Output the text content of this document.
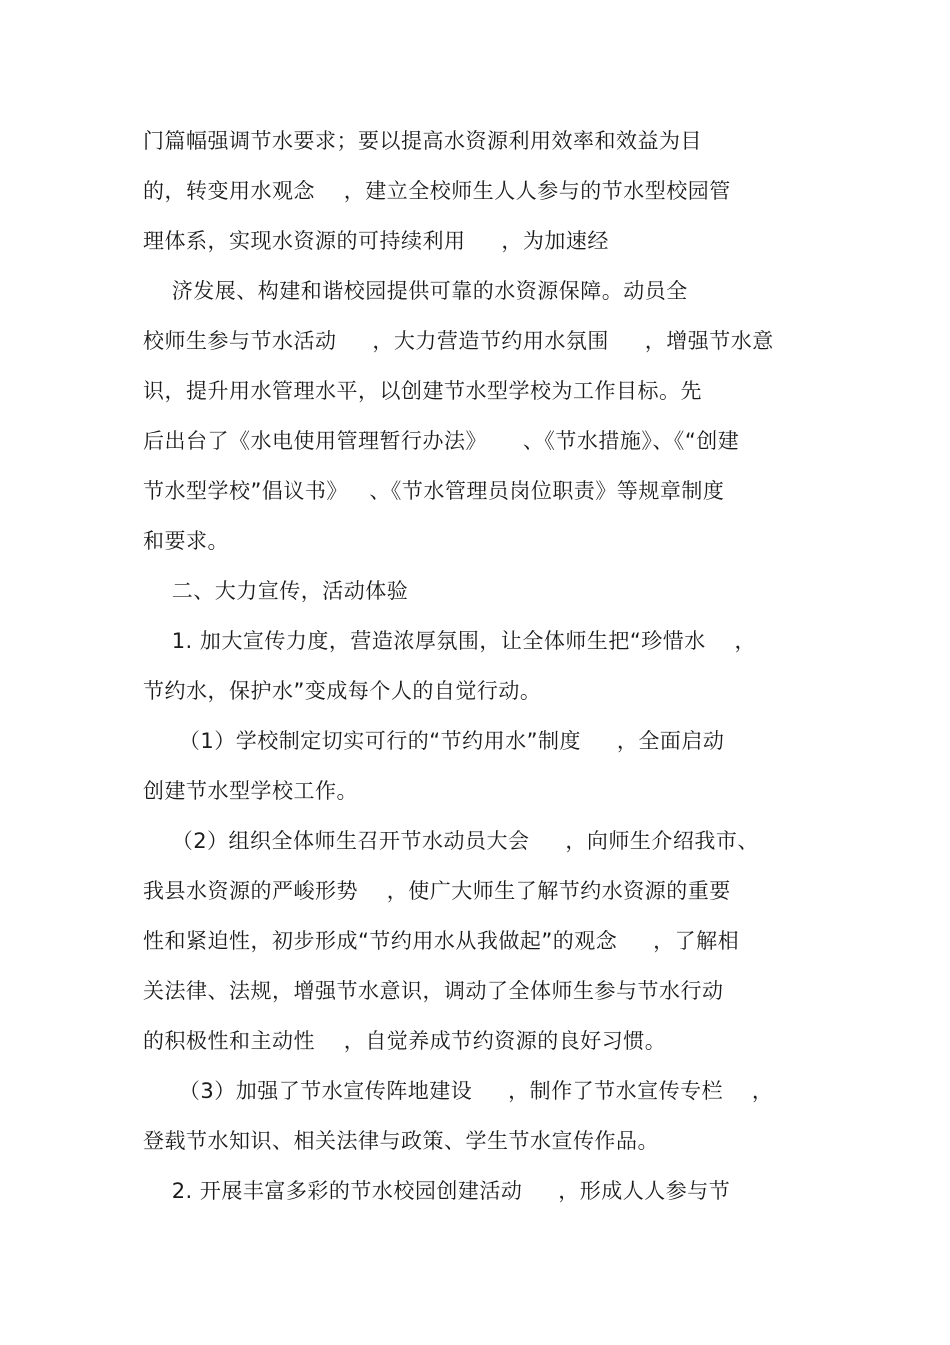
门篇幅强调节水要求；要以提高水资源利用效率和效益为目
的，转变用水观念    ，建立全校师生人人参与的节水型校园管
理体系，实现水资源的可持续利用     ，为加速经
济发展、构建和谐校园提供可靠的水资源保障。动员全
校师生参与节水活动     ，大力营造节约用水氛围     ，增强节水意
识，提升用水管理水平，以创建节水型学校为工作目标。先
后出台了《水电使用管理暂行办法》     、《节水措施》、《“创建
节水型学校”倡议书》   、《节水管理员岗位职责》等规章制度
和要求。
二、大力宣传，活动体验
1. 加大宣传力度，营造浓厚氛围，让全体师生把“珍惜水    ，
节约水，保护水”变成每个人的自觉行动。
（1）学校制定切实可行的“节约用水”制度     ，全面启动
创建节水型学校工作。
（2）组织全体师生召开节水动员大会     ，向师生介绍我市、
我县水资源的严峻形势    ，使广大师生了解节约水资源的重要
性和紧迫性，初步形成“节约用水从我做起”的观念     ，了解相
关法律、法规，增强节水意识，调动了全体师生参与节水行动
的积极性和主动性    ，自觉养成节约资源的良好习惯。
（3）加强了节水宣传阵地建设     ，制作了节水宣传专栏    ，
登载节水知识、相关法律与政策、学生节水宣传作品。
2. 开展丰富多彩的节水校园创建活动     ，形成人人参与节
